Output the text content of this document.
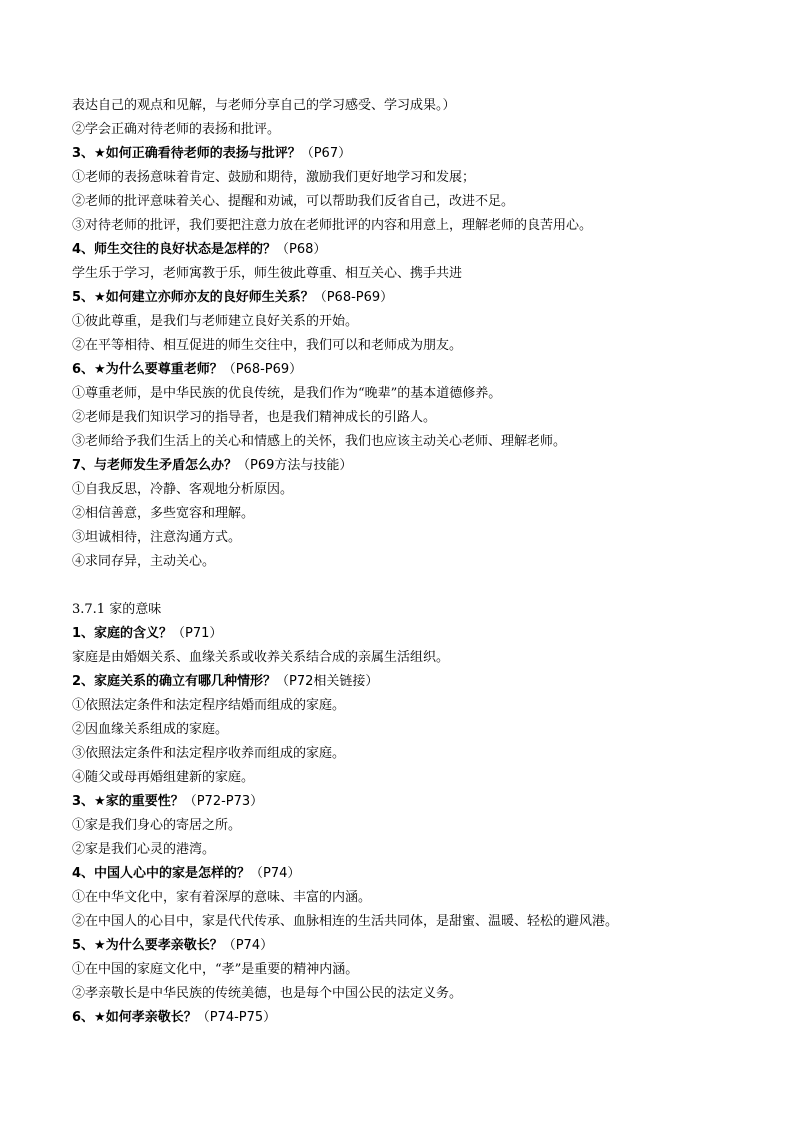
表达自己的观点和见解，与老师分享自己的学习感受、学习成果。）
②学会正确对待老师的表扬和批评。
3、★如何正确看待老师的表扬与批评？（P67）
①老师的表扬意味着肯定、鼓励和期待，激励我们更好地学习和发展；
②老师的批评意味着关心、提醒和劝诫，可以帮助我们反省自己，改进不足。
③对待老师的批评，我们要把注意力放在老师批评的内容和用意上，理解老师的良苦用心。
4、师生交往的良好状态是怎样的？（P68）
学生乐于学习，老师寓教于乐，师生彼此尊重、相互关心、携手共进
5、★如何建立亦师亦友的良好师生关系？（P68-P69）
①彼此尊重，是我们与老师建立良好关系的开始。
②在平等相待、相互促进的师生交往中，我们可以和老师成为朋友。
6、★为什么要尊重老师？（P68-P69）
①尊重老师，是中华民族的优良传统，是我们作为“晚辈”的基本道德修养。
②老师是我们知识学习的指导者，也是我们精神成长的引路人。
③老师给予我们生活上的关心和情感上的关怀，我们也应该主动关心老师、理解老师。
7、与老师发生矛盾怎么办？（P69方法与技能）
①自我反思，冷静、客观地分析原因。
②相信善意，多些宽容和理解。
③坦诚相待，注意沟通方式。
④求同存异，主动关心。
3.7.1 家的意味
1、家庭的含义？（P71）
家庭是由婚姻关系、血缘关系或收养关系结合成的亲属生活组织。
2、家庭关系的确立有哪几种情形？（P72相关链接）
①依照法定条件和法定程序结婚而组成的家庭。
②因血缘关系组成的家庭。
③依照法定条件和法定程序收养而组成的家庭。
④随父或母再婚组建新的家庭。
3、★家的重要性？（P72-P73）
①家是我们身心的寄居之所。
②家是我们心灵的港湾。
4、中国人心中的家是怎样的？（P74）
①在中华文化中，家有着深厚的意味、丰富的内涵。
②在中国人的心目中，家是代代传承、血脉相连的生活共同体，是甜蜜、温暖、轻松的避风港。
5、★为什么要孝亲敬长？（P74）
①在中国的家庭文化中，“孝”是重要的精神内涵。
②孝亲敬长是中华民族的传统美德，也是每个中国公民的法定义务。
6、★如何孝亲敬长？（P74-P75）
